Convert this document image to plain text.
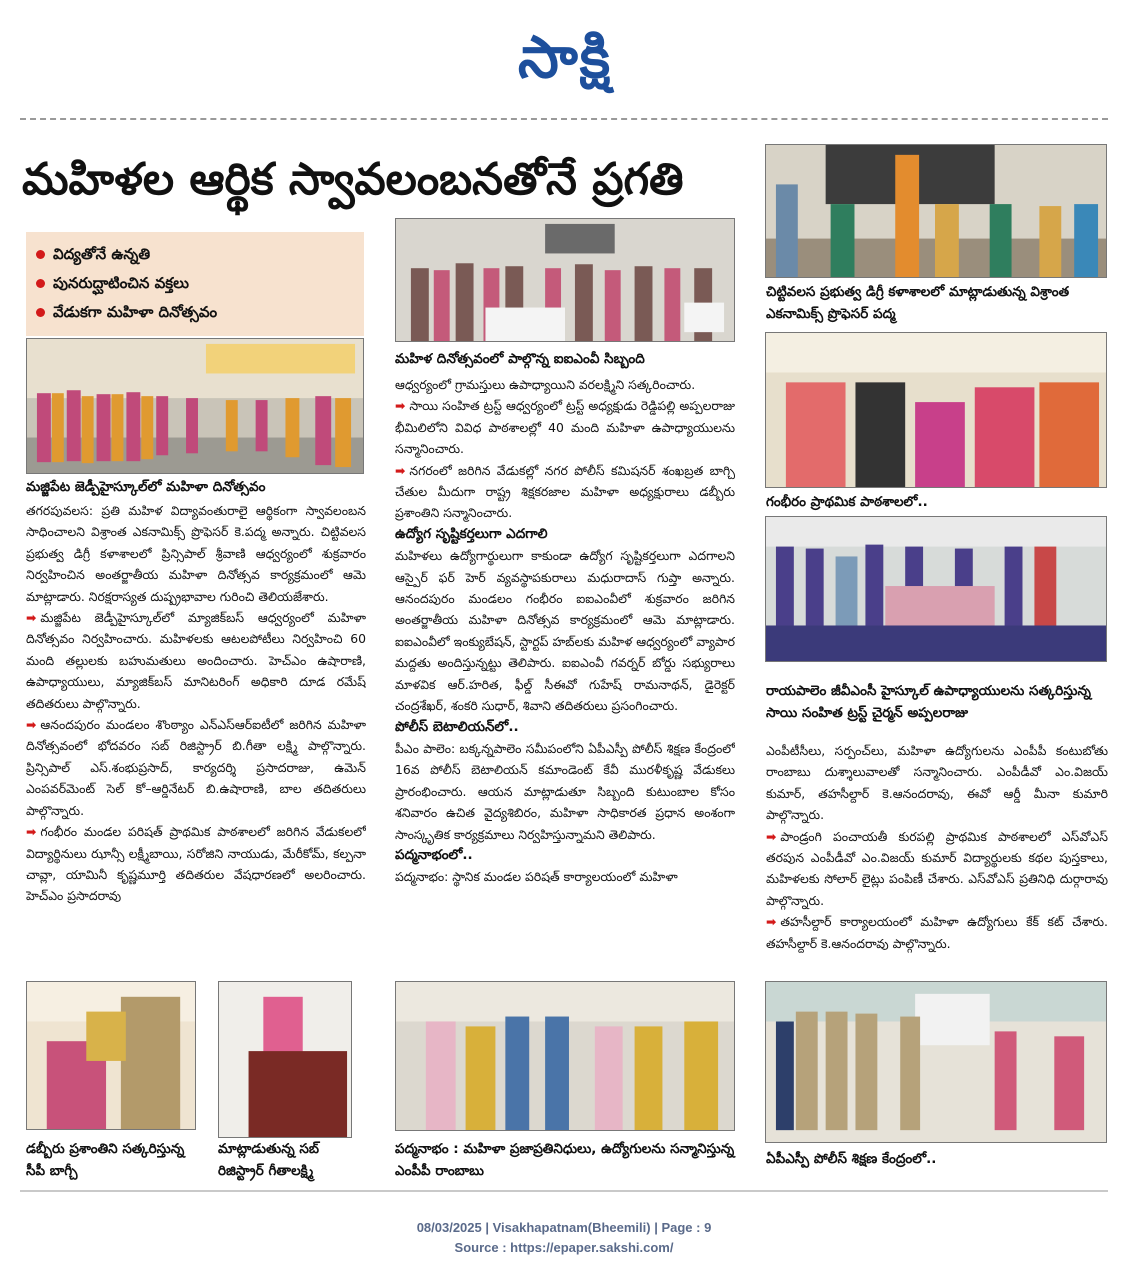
సాక్షి
మహిళల ఆర్థిక స్వావలంబనతోనే ప్రగతి
విద్యతోనే ఉన్నతి
పునరుద్ఘాటించిన వక్తలు
వేడుకగా మహిళా దినోత్సవం
మజ్జిపేట జెడ్పీహైస్కూల్‌లో మహిళా దినోత్సవం
మహిళ దినోత్సవంలో పాల్గొన్న ఐఐఎంవీ సిబ్బంది
చిట్టివలస ప్రభుత్వ డిగ్రీ కళాశాలలో మాట్లాడుతున్న విశ్రాంత ఎకనామిక్స్ ప్రొఫెసర్ పద్మ
గంభీరం ప్రాథమిక పాఠశాలలో..
రాయపాలెం జీవీఎంసీ హైస్కూల్ ఉపాధ్యాయులను సత్కరిస్తున్న సాయి సంహిత ట్రస్ట్ చైర్మన్ అప్పలరాజు
డబ్బీరు ప్రశాంతిని సత్కరిస్తున్న సీపీ బాగ్చీ
మాట్లాడుతున్న సబ్ రిజిస్ట్రార్ గీతాలక్ష్మి
పద్మనాభం : మహిళా ప్రజాప్రతినిధులు, ఉద్యోగులను సన్మానిస్తున్న ఎంపీపీ రాంబాబు
ఏపీఎస్పీ పోలీస్ శిక్షణ కేంద్రంలో..

తగరపువలస: ప్రతి మహిళ విద్యావంతురాలై ఆర్థికంగా స్వావలంబన సాధించాలని విశ్రాంత ఎకనామిక్స్ ప్రొఫెసర్ కె.పద్మ అన్నారు. చిట్టివలస ప్రభుత్వ డిగ్రీ కళాశాలలో ప్రిన్సిపాల్ శ్రీవాణి ఆధ్వర్యంలో శుక్రవారం నిర్వహించిన అంతర్జాతీయ మహిళా దినోత్సవ కార్యక్రమంలో ఆమె మాట్లాడారు. నిరక్షరాస్యత దుష్ప్రభావాల గురించి తెలియజేశారు.

➡ మజ్జిపేట జెడ్పీహైస్కూల్‌లో మ్యాజిక్‌బస్ ఆధ్వర్యంలో మహిళా దినోత్సవం నిర్వహించారు. మహిళలకు ఆటలపోటీలు నిర్వహించి 60 మంది తల్లులకు బహుమతులు అందించారు. హెచ్‌ఎం ఉషారాణి, ఉపాధ్యాయులు, మ్యాజిక్‌బస్ మానిటరింగ్ అధికారి దూడ రమేష్ తదితరులు పాల్గొన్నారు.

➡ ఆనందపురం మండలం శొంఠ్యాం ఎన్‌ఎస్‌ఆర్‌ఐటీలో జరిగిన మహిళా దినోత్సవంలో భోదవరం సబ్ రిజిస్ట్రార్ బి.గీతా లక్ష్మి పాల్గొన్నారు. ప్రిన్సిపాల్ ఎస్.శంభుప్రసాద్, కార్యదర్శి ప్రసాదరాజు, ఉమెన్ ఎంపవర్‌మెంట్ సెల్ కో–ఆర్డినేటర్ బి.ఉషారాణి, బాల తదితరులు పాల్గొన్నారు.

➡ గంభీరం మండల పరిషత్ ప్రాథమిక పాఠశాలలో జరిగిన వేడుకలలో విద్యార్థినులు ఝాన్సీ లక్ష్మీబాయి, సరోజిని నాయుడు, మేరీకోమ్, కల్పనా చావ్లా, యామినీ కృష్ణమూర్తి తదితరుల వేషధారణలో అలరించారు. హెచ్‌ఎం ప్రసాదరావు

ఆధ్వర్యంలో గ్రామస్తులు ఉపాధ్యాయిని వరలక్ష్మిని సత్కరించారు.

➡ సాయి సంహిత ట్రస్ట్ ఆధ్వర్యంలో ట్రస్ట్ అధ్యక్షుడు రెడ్డిపల్లి అప్పలరాజు భీమిలిలోని వివిధ పాఠశాలల్లో 40 మంది మహిళా ఉపాధ్యాయులను సన్మానించారు.

➡ నగరంలో జరిగిన వేడుకల్లో నగర పోలీస్ కమిషనర్ శంఖబ్రత బాగ్చి చేతుల మీదుగా రాష్ట్ర శిక్షకరజాల మహిళా అధ్యక్షురాలు డబ్బీరు ప్రశాంతిని సన్మానించారు.

ఉద్యోగ సృష్టికర్తలుగా ఎదగాలి

మహిళలు ఉద్యోగార్థులుగా కాకుండా ఉద్యోగ సృష్టికర్తలుగా ఎదగాలని ఆస్పైర్ ఫర్ హెర్ వ్యవస్థాపకురాలు మధురాదాస్ గుప్తా అన్నారు. ఆనందపురం మండలం గంభీరం ఐఐఎంవీలో శుక్రవారం జరిగిన అంతర్జాతీయ మహిళా దినోత్సవ కార్యక్రమంలో ఆమె మాట్లాడారు. ఐఐఎంవీలో ఇంక్యుబేషన్, స్టార్టప్ హబ్‌లకు మహిళ ఆధ్వర్యంలో వ్యాపార మద్దతు అందిస్తున్నట్టు తెలిపారు. ఐఐఎంవీ గవర్నర్ బోర్డు సభ్యురాలు మాళవిక ఆర్.హరిత, ఫీల్డ్ సీఈవో గుహేష్ రామనాథన్, డైరెక్టర్ చంద్రశేఖర్, శంకరి సుధార్, శివాని తదితరులు ప్రసంగించారు.

పోలీస్ బెటాలియన్‌లో..

పీఎం పాలెం: బక్కన్నపాలెం సమీపంలోని ఏపీఎస్పీ పోలీస్ శిక్షణ కేంద్రంలో 16వ పోలీస్ బెటాలియన్ కమాండెంట్ కేవీ మురళీకృష్ణ వేడుకలు ప్రారంభించారు. ఆయన మాట్లాడుతూ సిబ్బంది కుటుంబాల కోసం శనివారం ఉచిత వైద్యశిబిరం, మహిళా సాధికారత ప్రధాన అంశంగా సాంస్కృతిక కార్యక్రమాలు నిర్వహిస్తున్నామని తెలిపారు.

పద్మనాభంలో..

పద్మనాభం: స్థానిక మండల పరిషత్ కార్యాలయంలో మహిళా

ఎంపీటీసీలు, సర్పంచ్‌లు, మహిళా ఉద్యోగులను ఎంపీపీ కంటుబోతు రాంబాబు దుశ్శాలువాలతో సన్మానించారు. ఎంపీడీవో ఎం.విజయ్ కుమార్, తహసీల్దార్ కె.ఆనందరావు, ఈవో ఆర్డీ మీనా కుమారి పాల్గొన్నారు.

➡ పాండ్రంగి పంచాయతీ కురపల్లి ప్రాథమిక పాఠశాలలో ఎస్‌వోఎస్ తరపున ఎంపీడీవో ఎం.విజయ్ కుమార్ విద్యార్థులకు కథల పుస్తకాలు, మహిళలకు సోలార్ లైట్లు పంపిణీ చేశారు. ఎస్‌వోఎస్ ప్రతినిధి దుర్గారావు పాల్గొన్నారు.

➡ తహసీల్దార్ కార్యాలయంలో మహిళా ఉద్యోగులు కేక్ కట్ చేశారు. తహసీల్దార్ కె.ఆనందరావు పాల్గొన్నారు.

08/03/2025 | Visakhapatnam(Bheemili) | Page : 9
Source : https://epaper.sakshi.com/
